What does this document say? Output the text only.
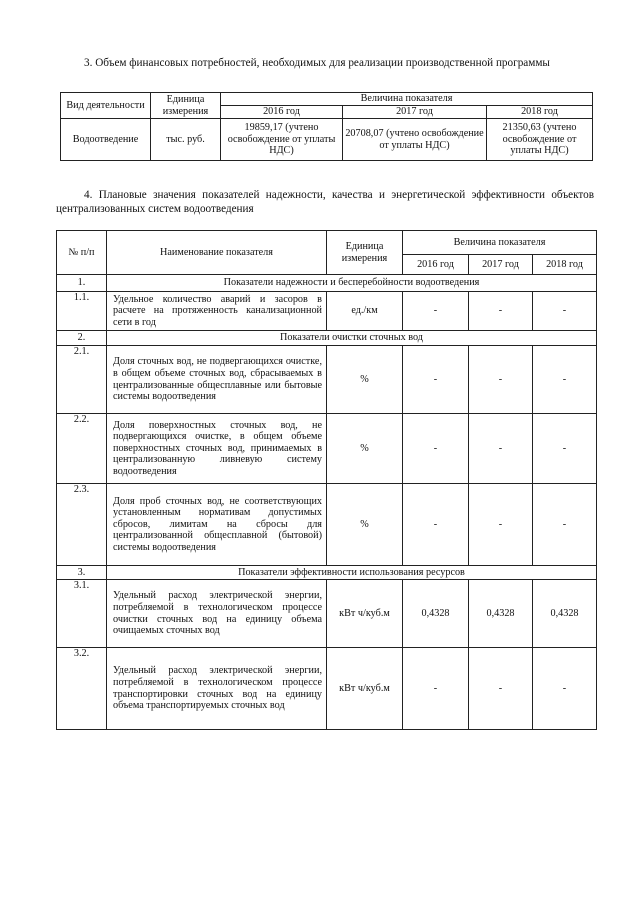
3. Объем финансовых потребностей, необходимых для реализации производственной программы

Вид деятельности	Единица измерения	Величина показателя		
		2016 год	2017 год	2018 год
Водоотведение	тыс. руб.	19859,17 (учтено освобождение от уплаты НДС)	20708,07 (учтено освобождение от уплаты НДС)	21350,63 (учтено освобождение от уплаты НДС)

4. Плановые значения показателей надежности, качества и энергетической эффективности объектов централизованных систем водоотведения

№ п/п	Наименование показателя	Единица измерения	Величина показателя		
			2016 год	2017 год	2018 год
1.	Показатели надежности и бесперебойности водоотведения				
1.1.	Удельное количество аварий и засоров в расчете на протяженность канализационной сети в год	ед./км	-	-	-
2.	Показатели очистки сточных вод				
2.1.	Доля сточных вод, не подвергающихся очистке, в общем объеме сточных вод, сбрасываемых в централизованные общесплавные или бытовые системы водоотведения	%	-	-	-
2.2.	Доля поверхностных сточных вод, не подвергающихся очистке, в общем объеме поверхностных сточных вод, принимаемых в централизованную ливневую систему водоотведения	%	-	-	-
2.3.	Доля проб сточных вод, не соответствующих установленным нормативам допустимых сбросов, лимитам на сбросы для централизованной общесплавной (бытовой) системы водоотведения	%	-	-	-
3.	Показатели эффективности использования ресурсов				
3.1.	Удельный расход электрической энергии, потребляемой в технологическом процессе очистки сточных вод на единицу объема очищаемых сточных вод	кВт ч/куб.м	0,4328	0,4328	0,4328
3.2.	Удельный расход электрической энергии, потребляемой в технологическом процессе транспортировки сточных вод на единицу объема транспортируемых сточных вод	кВт ч/куб.м	-	-	-
